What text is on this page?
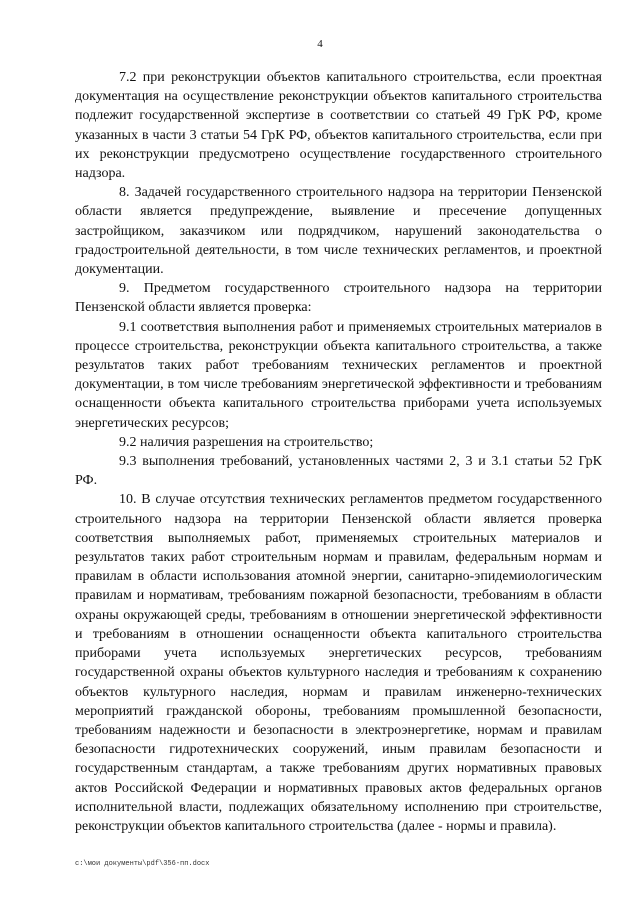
4

7.2 при реконструкции объектов капитального строительства, если проектная документация на осуществление реконструкции объектов капитального строительства подлежит государственной экспертизе в соответствии со статьей 49 ГрК РФ, кроме указанных в части 3 статьи 54 ГрК РФ, объектов капитального строительства, если при их реконструкции предусмотрено осуществление государственного строительного надзора.

8. Задачей государственного строительного надзора на территории Пензенской области является предупреждение, выявление и пресечение допущенных застройщиком, заказчиком или подрядчиком, нарушений законодательства о градостроительной деятельности, в том числе технических регламентов, и проектной документации.

9. Предметом государственного строительного надзора на территории Пензенской области является проверка:

9.1 соответствия выполнения работ и применяемых строительных материалов в процессе строительства, реконструкции объекта капитального строительства, а также результатов таких работ требованиям технических регламентов и проектной документации, в том числе требованиям энергетической эффективности и требованиям оснащенности объекта капитального строительства приборами учета используемых энергетических ресурсов;

9.2 наличия разрешения на строительство;

9.3 выполнения требований, установленных частями 2, 3 и 3.1 статьи 52 ГрК РФ.

10. В случае отсутствия технических регламентов предметом государственного строительного надзора на территории Пензенской области является проверка соответствия выполняемых работ, применяемых строительных материалов и результатов таких работ строительным нормам и правилам, федеральным нормам и правилам в области использования атомной энергии, санитарно-эпидемиологическим правилам и нормативам, требованиям пожарной безопасности, требованиям в области охраны окружающей среды, требованиям в отношении энергетической эффективности и требованиям в отношении оснащенности объекта капитального строительства приборами учета используемых энергетических ресурсов, требованиям государственной охраны объектов культурного наследия и требованиям к сохранению объектов культурного наследия, нормам и правилам инженерно-технических мероприятий гражданской обороны, требованиям промышленной безопасности, требованиям надежности и безопасности в электроэнергетике, нормам и правилам безопасности гидротехнических сооружений, иным правилам безопасности и государственным стандартам, а также требованиям других нормативных правовых актов Российской Федерации и нормативных правовых актов федеральных органов исполнительной власти, подлежащих обязательному исполнению при строительстве, реконструкции объектов капитального строительства (далее - нормы и правила).

c:\мои документы\pdf\356-пп.docx
